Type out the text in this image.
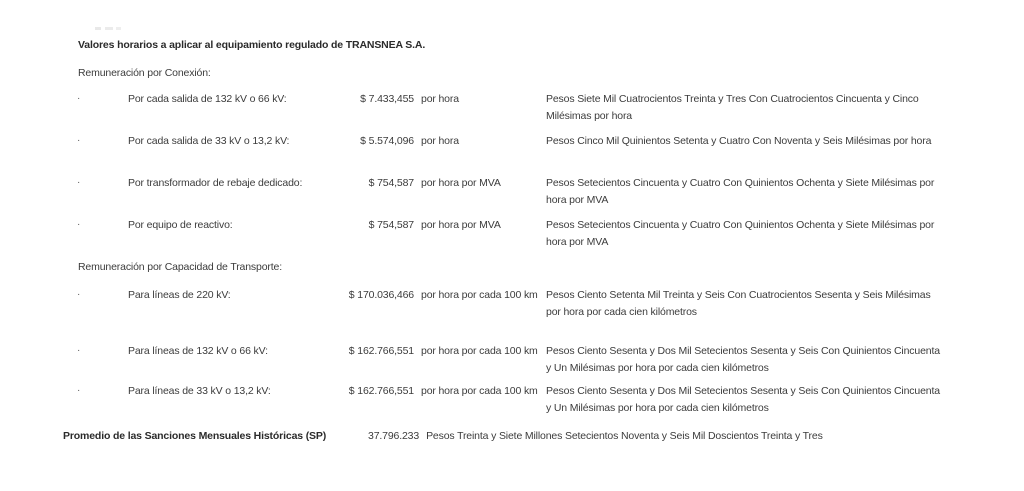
Valores horarios a aplicar al equipamiento regulado de TRANSNEA S.A.
Remuneración por Conexión:
·	Por cada salida de 132 kV o 66 kV:	$ 7.433,455 por hora	Pesos Siete Mil Cuatrocientos Treinta y Tres Con Cuatrocientos Cincuenta y Cinco
Milésimas por hora
·	Por cada salida de 33 kV o 13,2 kV:	$ 5.574,096 por hora	Pesos Cinco Mil Quinientos Setenta y Cuatro Con Noventa y Seis Milésimas por hora
·	Por transformador de rebaje dedicado:	$ 754,587 por hora por MVA	Pesos Setecientos Cincuenta y Cuatro Con Quinientos Ochenta y Siete Milésimas por
hora por MVA
·	Por equipo de reactivo:	$ 754,587 por hora por MVA	Pesos Setecientos Cincuenta y Cuatro Con Quinientos Ochenta y Siete Milésimas por
hora por MVA
Remuneración por Capacidad de Transporte:
·	Para líneas de 220 kV:	$ 170.036,466 por hora por cada 100 km Pesos Ciento Setenta Mil Treinta y Seis Con Cuatrocientos Sesenta y Seis Milésimas
por hora por cada cien kilómetros
·	Para líneas de 132 kV o 66 kV:	$ 162.766,551 por hora por cada 100 km Pesos Ciento Sesenta y Dos Mil Setecientos Sesenta y Seis Con Quinientos Cincuenta
y Un Milésimas por hora por cada cien kilómetros
·	Para líneas de 33 kV o 13,2 kV:	$ 162.766,551 por hora por cada 100 km Pesos Ciento Sesenta y Dos Mil Setecientos Sesenta y Seis Con Quinientos Cincuenta
y Un Milésimas por hora por cada cien kilómetros
Promedio de las Sanciones Mensuales Históricas (SP)	37.796.233 Pesos Treinta y Siete Millones Setecientos Noventa y Seis Mil Doscientos Treinta y Tres
